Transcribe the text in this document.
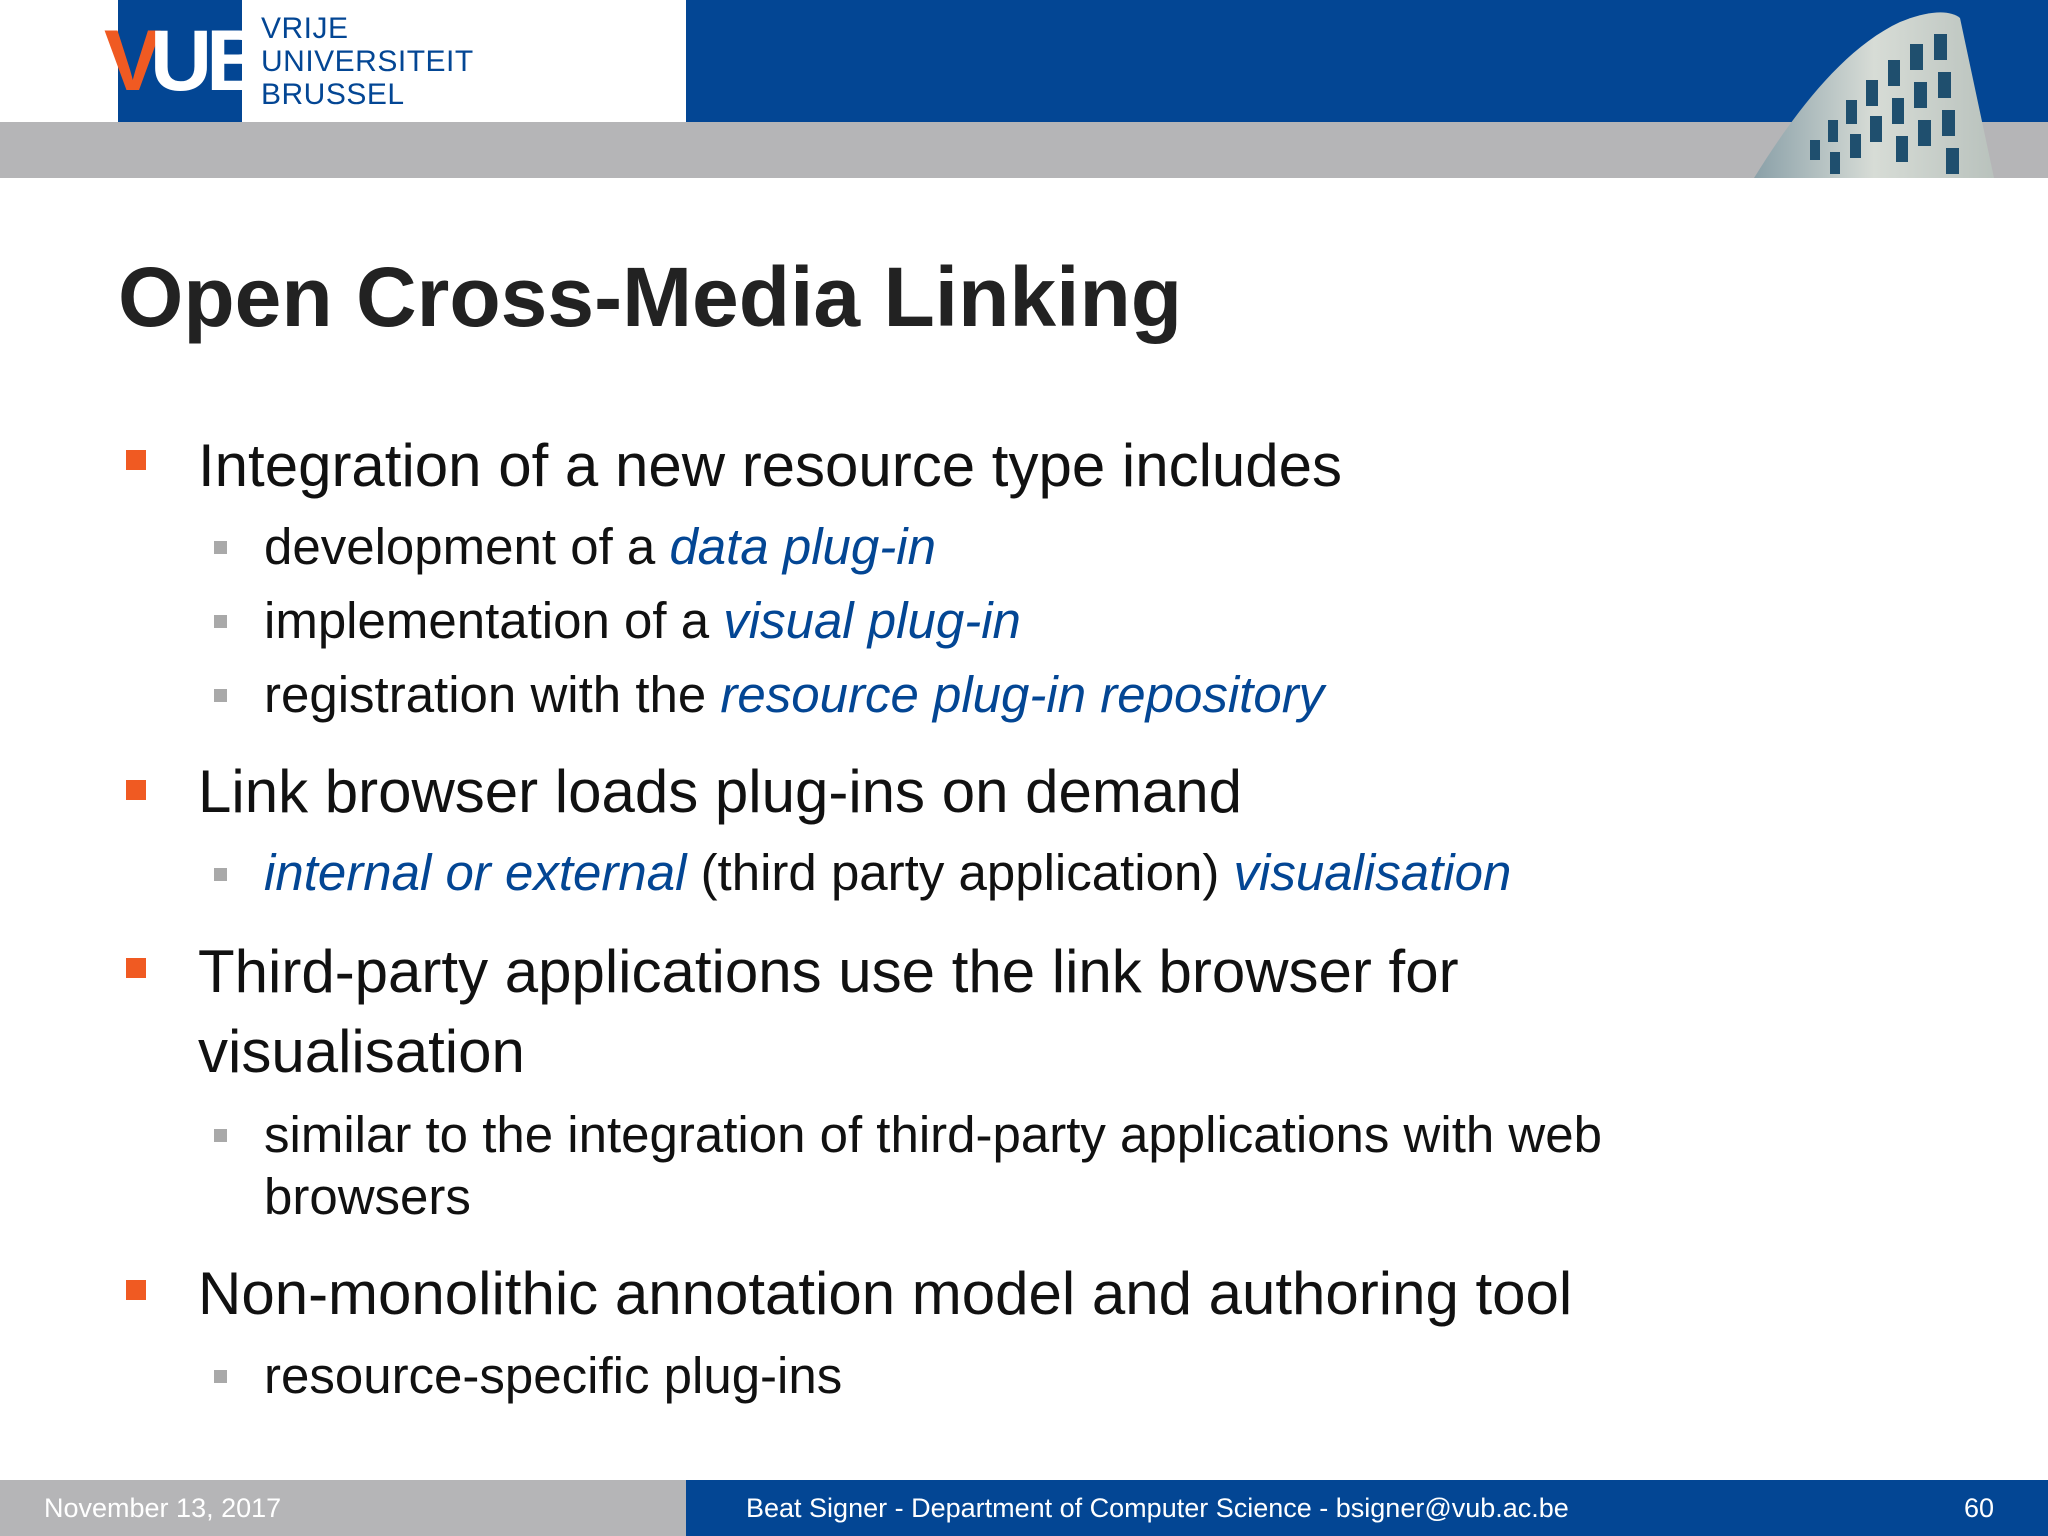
V
UB
VRIJE
UNIVERSITEIT
BRUSSEL
Open Cross-Media Linking
Integration of a new resource type includes
development of a data plug-in
implementation of a visual plug-in
registration with the resource plug-in repository
Link browser loads plug-ins on demand
internal or external (third party application) visualisation
Third-party applications use the link browser for
visualisation
similar to the integration of third-party applications with web
browsers
Non-monolithic annotation model and authoring tool
resource-specific plug-ins
November 13, 2017	Beat Signer - Department of Computer Science - bsigner@vub.ac.be	60
